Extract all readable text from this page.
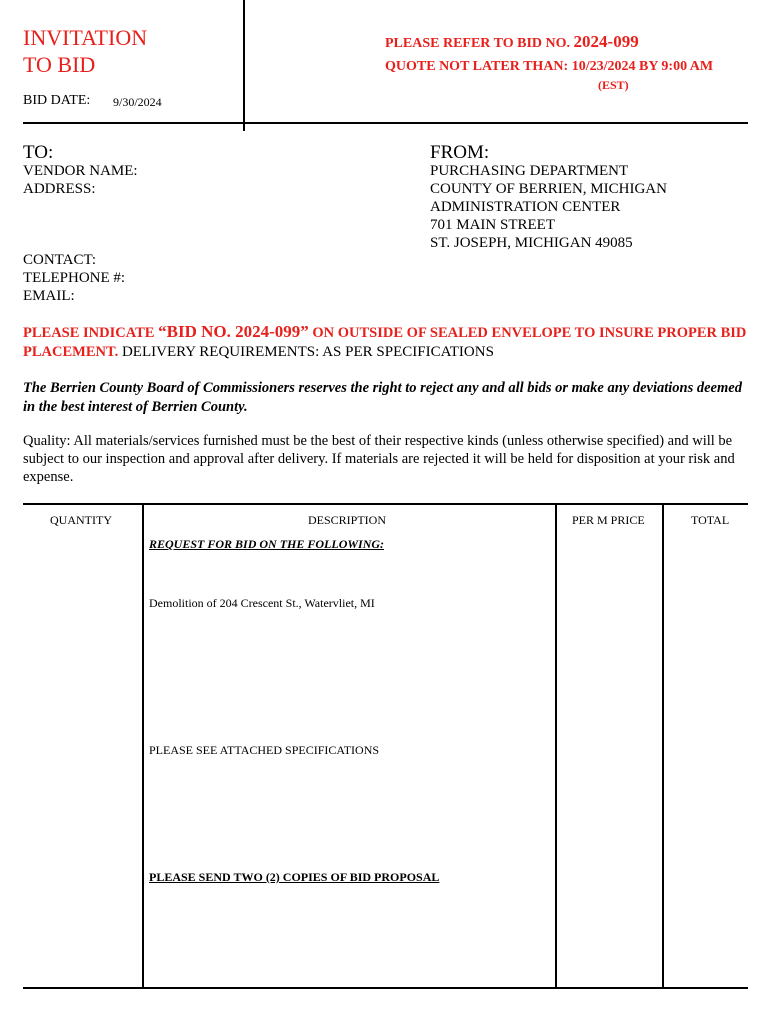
INVITATION
TO BID
BID DATE: 9/30/2024
PLEASE REFER TO BID NO. 2024-099
QUOTE NOT LATER THAN: 10/23/2024 BY 9:00 AM
(EST)
TO:
VENDOR NAME:
ADDRESS:
CONTACT:
TELEPHONE #:
EMAIL:
FROM:
PURCHASING DEPARTMENT
COUNTY OF BERRIEN, MICHIGAN
ADMINISTRATION CENTER
701 MAIN STREET
ST. JOSEPH, MICHIGAN 49085
PLEASE INDICATE “BID NO. 2024-099” ON OUTSIDE OF SEALED ENVELOPE TO INSURE PROPER BID PLACEMENT. DELIVERY REQUIREMENTS: AS PER SPECIFICATIONS
The Berrien County Board of Commissioners reserves the right to reject any and all bids or make any deviations deemed in the best interest of Berrien County.
Quality: All materials/services furnished must be the best of their respective kinds (unless otherwise specified) and will be subject to our inspection and approval after delivery. If materials are rejected it will be held for disposition at your risk and expense.
QUANTITY	DESCRIPTION	PER M PRICE	TOTAL
REQUEST FOR BID ON THE FOLLOWING:
Demolition of 204 Crescent St., Watervliet, MI
PLEASE SEE ATTACHED SPECIFICATIONS
PLEASE SEND TWO (2) COPIES OF BID PROPOSAL
